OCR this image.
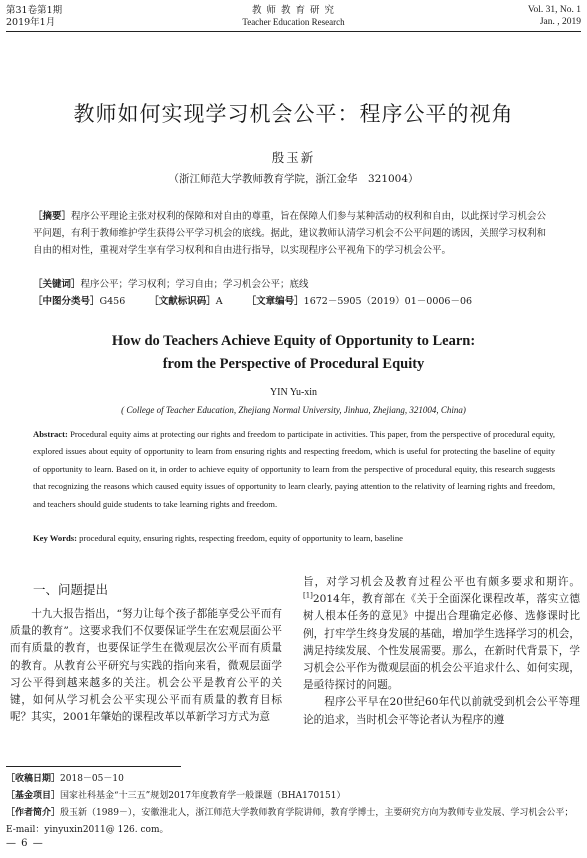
第31卷第1期
2019年1月
教 师 教 育 研 究
Teacher Education Research
Vol. 31, No. 1
Jan. , 2019
教师如何实现学习机会公平：程序公平的视角
殷玉新
（浙江师范大学教师教育学院，浙江金华　321004）
［摘要］程序公平理论主张对权利的保障和对自由的尊重，旨在保障人们参与某种活动的权利和自由，以此探讨学习机会公平问题，有利于教师维护学生获得公平学习机会的底线。据此，建议教师认清学习机会不公平问题的诱因，关照学习权利和自由的相对性，重视对学生享有学习权利和自由进行指导，以实现程序公平视角下的学习机会公平。
［关键词］程序公平；学习权利；学习自由；学习机会公平；底线
［中图分类号］G456	［文献标识码］A	［文章编号］1672－5905（2019）01－0006－06
How do Teachers Achieve Equity of Opportunity to Learn:
from the Perspective of Procedural Equity
YIN Yu-xin
( College of Teacher Education, Zhejiang Normal University, Jinhua, Zhejiang, 321004, China)
Abstract: Procedural equity aims at protecting our rights and freedom to participate in activities. This paper, from the perspective of procedural equity, explored issues about equity of opportunity to learn from ensuring rights and respecting freedom, which is useful for protecting the baseline of equity of opportunity to learn. Based on it, in order to achieve equity of opportunity to learn from the perspective of procedural equity, this research suggests that recognizing the reasons which caused equity issues of opportunity to learn clearly, paying attention to the relativity of learning rights and freedom, and teachers should guide students to take learning rights and freedom.
Key Words: procedural equity, ensuring rights, respecting freedom, equity of opportunity to learn, baseline
一、问题提出

十九大报告指出，“努力让每个孩子都能享受公平而有质量的教育”。这要求我们不仅要保证学生在宏观层面公平而有质量的教育，也要保证学生在微观层次公平而有质量的教育。从教育公平研究与实践的指向来看，微观层面学习公平得到越来越多的关注。机会公平是教育公平的关键，如何从学习机会公平实现公平而有质量的教育目标呢？其实，2001年肇始的课程改革以革新学习方式为意

旨，对学习机会及教育过程公平也有颇多要求和期许。[1]2014年，教育部在《关于全面深化课程改革，落实立德树人根本任务的意见》中提出合理确定必修、选修课时比例，打牢学生终身发展的基础，增加学生选择学习的机会，满足持续发展、个性发展需要。那么，在新时代背景下，学习机会公平作为微观层面的机会公平追求什么、如何实现，是亟待探讨的问题。

程序公平早在20世纪60年代以前就受到机会公平等理论的追求，当时机会平等论者认为程序的遵

［收稿日期］2018－05－10

［基金项目］国家社科基金“十三五”规划2017年度教育学一般课题（BHA170151）

［作者简介］殷玉新（1989－），安徽淮北人，浙江师范大学教师教育学院讲师，教育学博士，主要研究方向为教师专业发展、学习机会公平；E-mail：yinyuxin2011@ 126. com。

— 6 —
